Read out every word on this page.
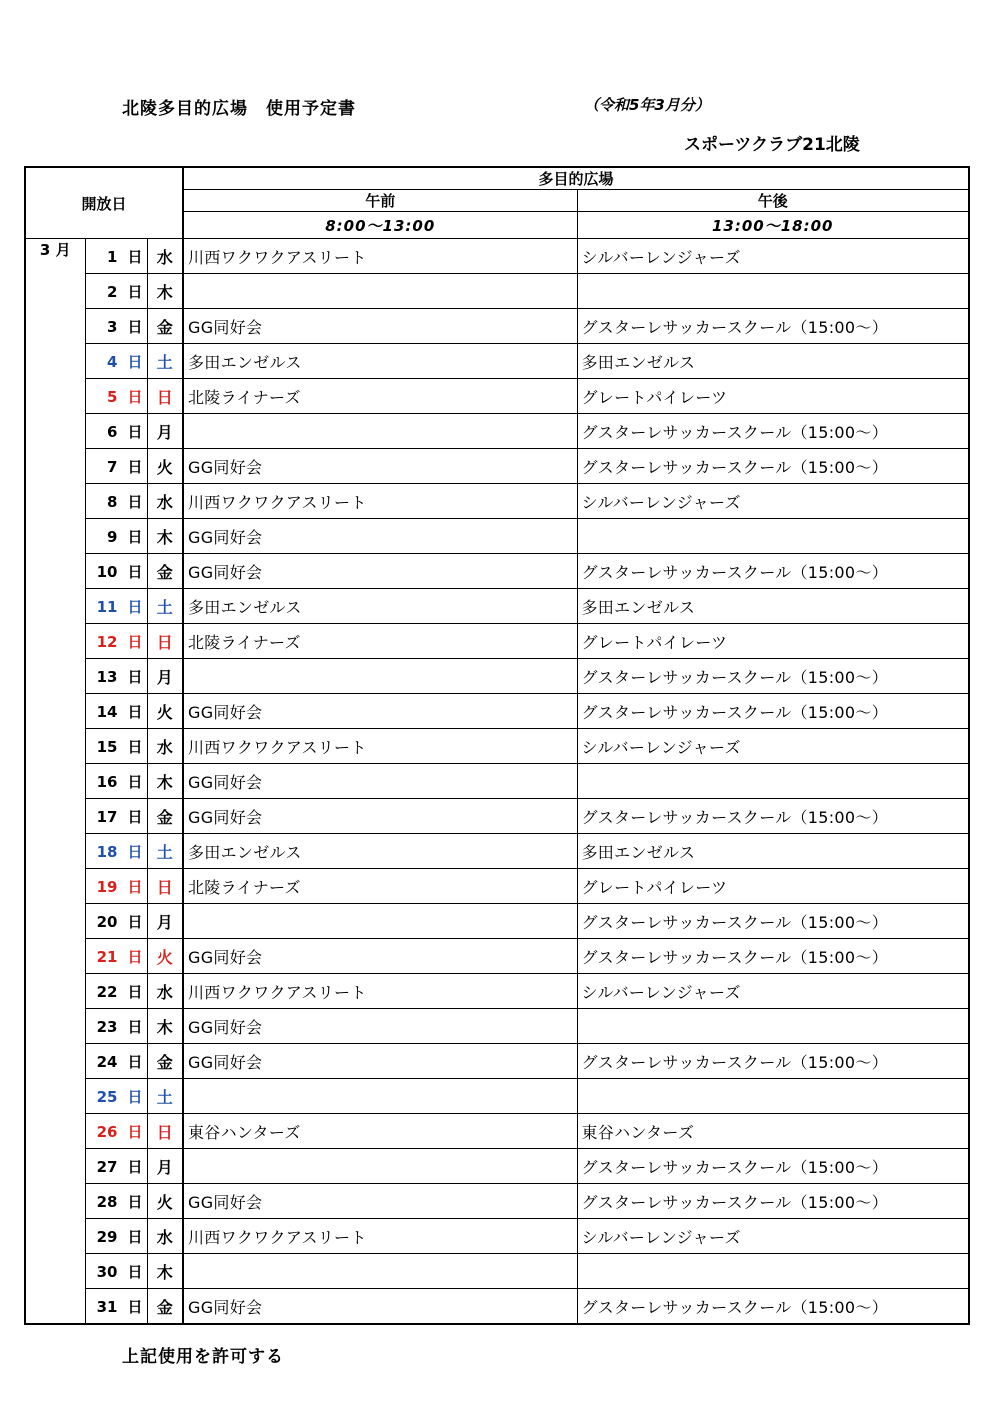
北陵多目的広場　使用予定書	（令和5年3月分）
スポーツクラブ21北陵
開放日			多目的広場	
			午前	午後
			8:00～13:00	13:00～18:00
3 月	1 日	水	川西ワクワクアスリート	シルバーレンジャーズ
	2 日	木		
	3 日	金	GG同好会	グスターレサッカースクール（15:00～）
	4 日	土	多田エンゼルス	多田エンゼルス
	5 日	日	北陵ライナーズ	グレートパイレーツ
	6 日	月		グスターレサッカースクール（15:00～）
	7 日	火	GG同好会	グスターレサッカースクール（15:00～）
	8 日	水	川西ワクワクアスリート	シルバーレンジャーズ
	9 日	木	GG同好会	
	10 日	金	GG同好会	グスターレサッカースクール（15:00～）
	11 日	土	多田エンゼルス	多田エンゼルス
	12 日	日	北陵ライナーズ	グレートパイレーツ
	13 日	月		グスターレサッカースクール（15:00～）
	14 日	火	GG同好会	グスターレサッカースクール（15:00～）
	15 日	水	川西ワクワクアスリート	シルバーレンジャーズ
	16 日	木	GG同好会	
	17 日	金	GG同好会	グスターレサッカースクール（15:00～）
	18 日	土	多田エンゼルス	多田エンゼルス
	19 日	日	北陵ライナーズ	グレートパイレーツ
	20 日	月		グスターレサッカースクール（15:00～）
	21 日	火	GG同好会	グスターレサッカースクール（15:00～）
	22 日	水	川西ワクワクアスリート	シルバーレンジャーズ
	23 日	木	GG同好会	
	24 日	金	GG同好会	グスターレサッカースクール（15:00～）
	25 日	土		
	26 日	日	東谷ハンターズ	東谷ハンターズ
	27 日	月		グスターレサッカースクール（15:00～）
	28 日	火	GG同好会	グスターレサッカースクール（15:00～）
	29 日	水	川西ワクワクアスリート	シルバーレンジャーズ
	30 日	木		
	31 日	金	GG同好会	グスターレサッカースクール（15:00～）
上記使用を許可する
